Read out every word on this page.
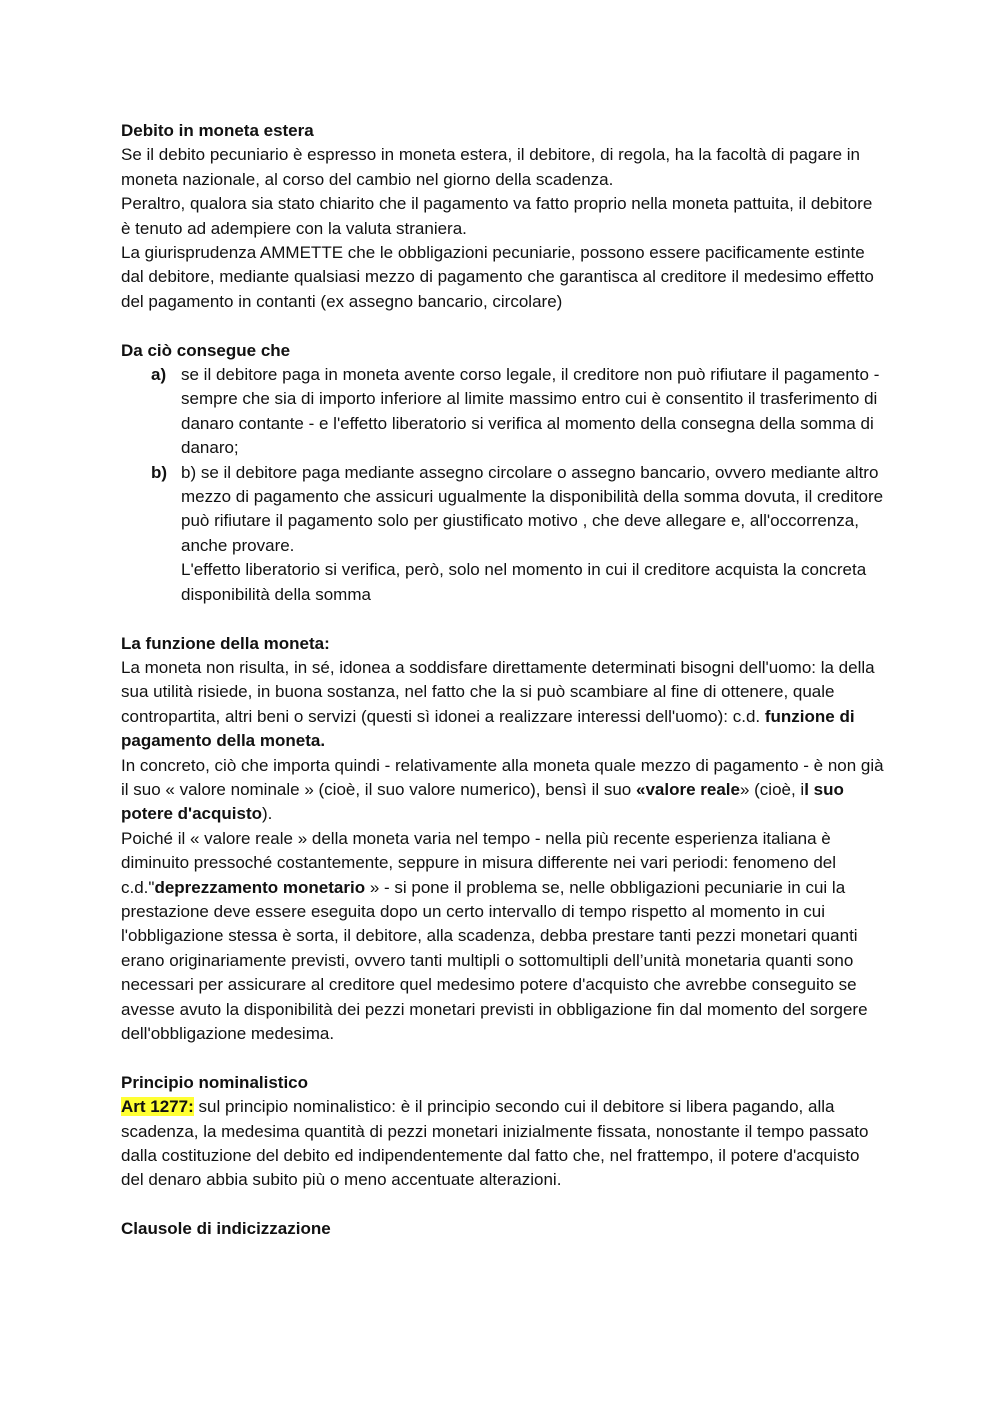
Debito in moneta estera

Se il debito pecuniario è espresso in moneta estera, il debitore, di regola, ha la facoltà di pagare in moneta nazionale, al corso del cambio nel giorno della scadenza.

Peraltro, qualora sia stato chiarito che il pagamento va fatto proprio nella moneta pattuita, il debitore è tenuto ad adempiere con la valuta straniera.

La giurisprudenza AMMETTE che le obbligazioni pecuniarie, possono essere pacificamente estinte dal debitore, mediante qualsiasi mezzo di pagamento che garantisca al creditore il medesimo effetto del pagamento in contanti (ex assegno bancario, circolare)

Da ciò consegue che

a) se il debitore paga in moneta avente corso legale, il creditore non può rifiutare il pagamento - sempre che sia di importo inferiore al limite massimo entro cui è consentito il trasferimento di danaro contante - e l'effetto liberatorio si verifica al momento della consegna della somma di danaro;
b) b) se il debitore paga mediante assegno circolare o assegno bancario, ovvero mediante altro mezzo di pagamento che assicuri ugualmente la disponibilità della somma dovuta, il creditore può rifiutare il pagamento solo per giustificato motivo , che deve allegare e, all'occorrenza, anche provare.
L'effetto liberatorio si verifica, però, solo nel momento in cui il creditore acquista la concreta disponibilità della somma

La funzione della moneta:

La moneta non risulta, in sé, idonea a soddisfare direttamente determinati bisogni dell'uomo: la della sua utilità risiede, in buona sostanza, nel fatto che la si può scambiare al fine di ottenere, quale contropartita, altri beni o servizi (questi sì idonei a realizzare interessi dell'uomo): c.d. funzione di pagamento della moneta.

In concreto, ciò che importa quindi - relativamente alla moneta quale mezzo di pagamento - è non già il suo « valore nominale » (cioè, il suo valore numerico), bensì il suo «valore reale» (cioè, il suo potere d'acquisto).

Poiché il « valore reale » della moneta varia nel tempo - nella più recente esperienza italiana è diminuito pressoché costantemente, seppure in misura differente nei vari periodi: fenomeno del c.d."deprezzamento monetario » - si pone il problema se, nelle obbligazioni pecuniarie in cui la prestazione deve essere eseguita dopo un certo intervallo di tempo rispetto al momento in cui l'obbligazione stessa è sorta, il debitore, alla scadenza, debba prestare tanti pezzi monetari quanti erano originariamente previsti, ovvero tanti multipli o sottomultipli dell’unità monetaria quanti sono necessari per assicurare al creditore quel medesimo potere d'acquisto che avrebbe conseguito se avesse avuto la disponibilità dei pezzi monetari previsti in obbligazione fin dal momento del sorgere dell'obbligazione medesima.

Principio nominalistico

Art 1277: sul principio nominalistico: è il principio secondo cui il debitore si libera pagando, alla scadenza, la medesima quantità di pezzi monetari inizialmente fissata, nonostante il tempo passato dalla costituzione del debito ed indipendentemente dal fatto che, nel frattempo, il potere d'acquisto del denaro abbia subito più o meno accentuate alterazioni.

Clausole di indicizzazione
